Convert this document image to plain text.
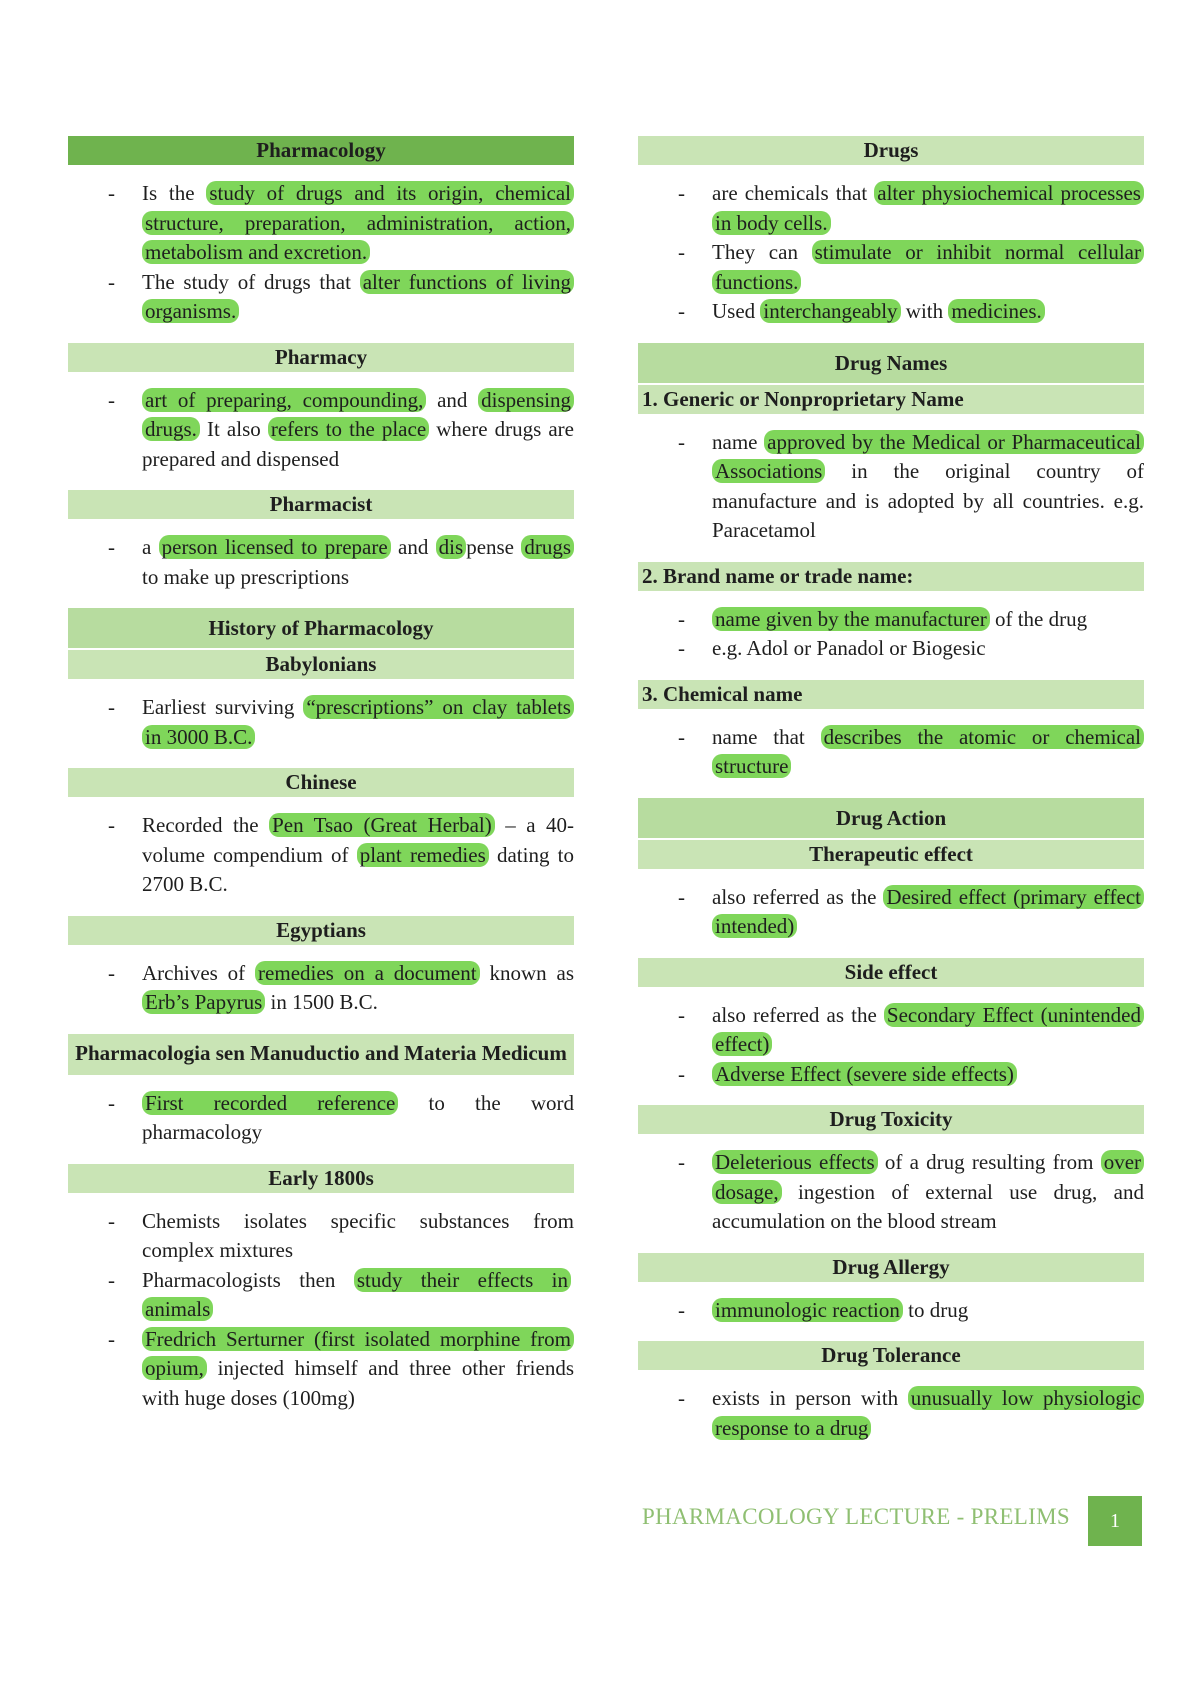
Pharmacology
- Is the study of drugs and its origin, chemical structure, preparation, administration, action, metabolism and excretion.
- The study of drugs that alter functions of living organisms.
Pharmacy
- art of preparing, compounding, and dispensing drugs. It also refers to the place where drugs are prepared and dispensed
Pharmacist
- a person licensed to prepare and dis pense drugs to make up prescriptions
History of Pharmacology
Babylonians
- Earliest surviving “prescriptions” on clay tablets in 3000 B.C.
Chinese
- Recorded the Pen Tsao (Great Herbal) – a 40-volume compendium of plant remedies dating to 2700 B.C.
Egyptians
- Archives of remedies on a document known as Erb’s Papyrus in 1500 B.C.
Pharmacologia sen Manuductio and Materia Medicum
- First recorded reference to the word pharmacology
Early 1800s
- Chemists isolates specific substances from complex mixtures
- Pharmacologists then study their effects in animals
- Fredrich Serturner (first isolated morphine from opium, injected himself and three other friends with huge doses (100mg)
Drugs
- are chemicals that alter physiochemical processes in body cells.
- They can stimulate or inhibit normal cellular functions.
- Used interchangeably with medicines.
Drug Names
1. Generic or Nonproprietary Name
- name approved by the Medical or Pharmaceutical Associations in the original country of manufacture and is adopted by all countries. e.g. Paracetamol
2. Brand name or trade name:
- name given by the manufacturer of the drug
- e.g. Adol or Panadol or Biogesic
3. Chemical name
- name that describes the atomic or chemical structure
Drug Action
Therapeutic effect
- also referred as the Desired effect (primary effect intended)
Side effect
- also referred as the Secondary Effect (unintended effect)
- Adverse Effect (severe side effects)
Drug Toxicity
- Deleterious effects of a drug resulting from over dosage, ingestion of external use drug, and accumulation on the blood stream
Drug Allergy
- immunologic reaction to drug
Drug Tolerance
- exists in person with unusually low physiologic response to a drug
PHARMACOLOGY LECTURE - PRELIMS	1
